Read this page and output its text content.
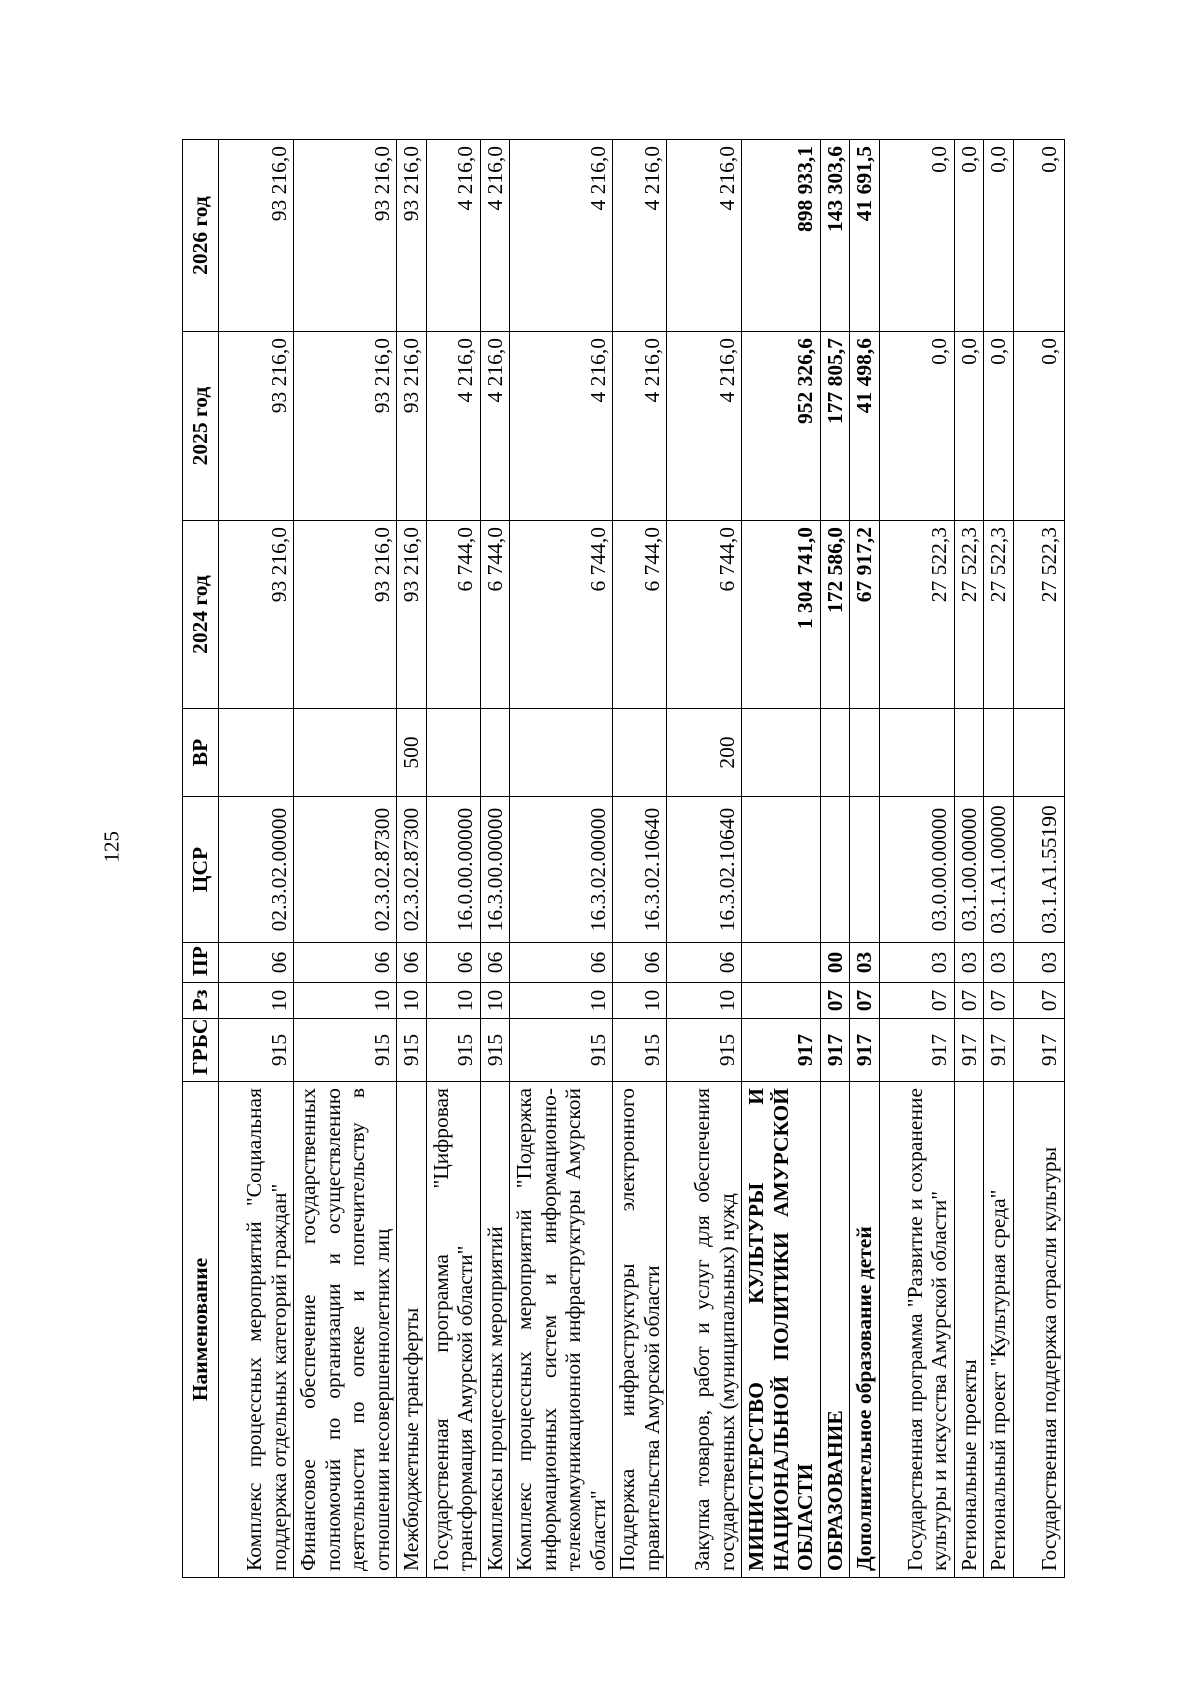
125
Наименование	ГРБС	Рз	ПР	ЦСР	ВР	2024 год	2025 год	2026 год
Комплекс процессных мероприятий "Социальная поддержка отдельных категорий граждан"	915	10	06	02.3.02.00000		93 216,0	93 216,0	93 216,0
Финансовое обеспечение государственных полномочий по организации и осуществлению деятельности по опеке и попечительству в отношении несовершеннолетних лиц	915	10	06	02.3.02.87300		93 216,0	93 216,0	93 216,0
Межбюджетные трансферты	915	10	06	02.3.02.87300	500	93 216,0	93 216,0	93 216,0
Государственная программа "Цифровая трансформация Амурской области"	915	10	06	16.0.00.00000		6 744,0	4 216,0	4 216,0
Комплексы процессных мероприятий	915	10	06	16.3.00.00000		6 744,0	4 216,0	4 216,0
Комплекс процессных мероприятий "Подержка информационных систем и информационно-телекоммуникационной инфраструктуры Амурской области"	915	10	06	16.3.02.00000		6 744,0	4 216,0	4 216,0
Поддержка инфраструктуры электронного правительства Амурской области	915	10	06	16.3.02.10640		6 744,0	4 216,0	4 216,0
Закупка товаров, работ и услуг для обеспечения государственных (муниципальных) нужд	915	10	06	16.3.02.10640	200	6 744,0	4 216,0	4 216,0
МИНИСТЕРСТВО КУЛЬТУРЫ И НАЦИОНАЛЬНОЙ ПОЛИТИКИ АМУРСКОЙ ОБЛАСТИ	917					1 304 741,0	952 326,6	898 933,1
ОБРАЗОВАНИЕ	917	07	00			172 586,0	177 805,7	143 303,6
Дополнительное образование детей	917	07	03			67 917,2	41 498,6	41 691,5
Государственная программа "Развитие и сохранение культуры и искусства Амурской области"	917	07	03	03.0.00.00000		27 522,3	0,0	0,0
Региональные проекты	917	07	03	03.1.00.00000		27 522,3	0,0	0,0
Региональный проект "Культурная среда"	917	07	03	03.1.А1.00000		27 522,3	0,0	0,0
Государственная поддержка отрасли культуры	917	07	03	03.1.А1.55190		27 522,3	0,0	0,0
